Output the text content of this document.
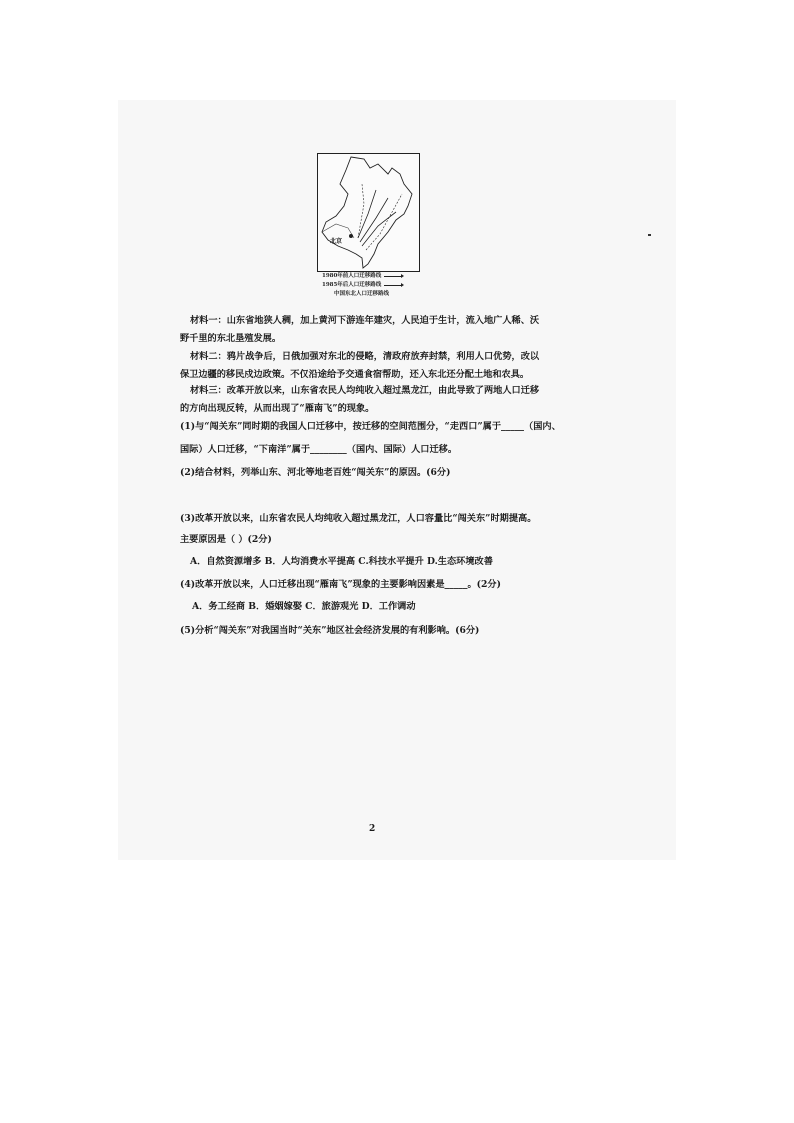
北京
1980年前人口迁移路线
1985年后人口迁移路线
中国东北人口迁移路线
材料一：山东省地狭人稠，加上黄河下游连年建灾，人民迫于生计，流入地广人稀、沃
野千里的东北垦殖发展。
材料二：鸦片战争后，日俄加强对东北的侵略，清政府放弃封禁，利用人口优势，改以
保卫边疆的移民戍边政策。不仅沿途给予交通食宿帮助，还入东北还分配土地和农具。
材料三：改革开放以来，山东省农民人均纯收入超过黑龙江，由此导致了两地人口迁移
的方向出现反转，从而出现了“雁南飞”的现象。
(1)与“闯关东”同时期的我国人口迁移中，按迁移的空间范围分，“走西口”属于_____（国内、
国际）人口迁移，“下南洋”属于________（国内、国际）人口迁移。
(2)结合材料，列举山东、河北等地老百姓“闯关东”的原因。(6分)
(3)改革开放以来，山东省农民人均纯收入超过黑龙江，人口容量比“闯关东”时期提高。
主要原因是（ ）(2分)
A．自然资源增多 B．人均消费水平提高 C.科技水平提升 D.生态环境改善
(4)改革开放以来，人口迁移出现“雁南飞”现象的主要影响因素是_____。(2分)
A．务工经商 B．婚姻嫁娶 C．旅游观光 D．工作调动
(5)分析“闯关东”对我国当时“关东”地区社会经济发展的有利影响。(6分)
2
